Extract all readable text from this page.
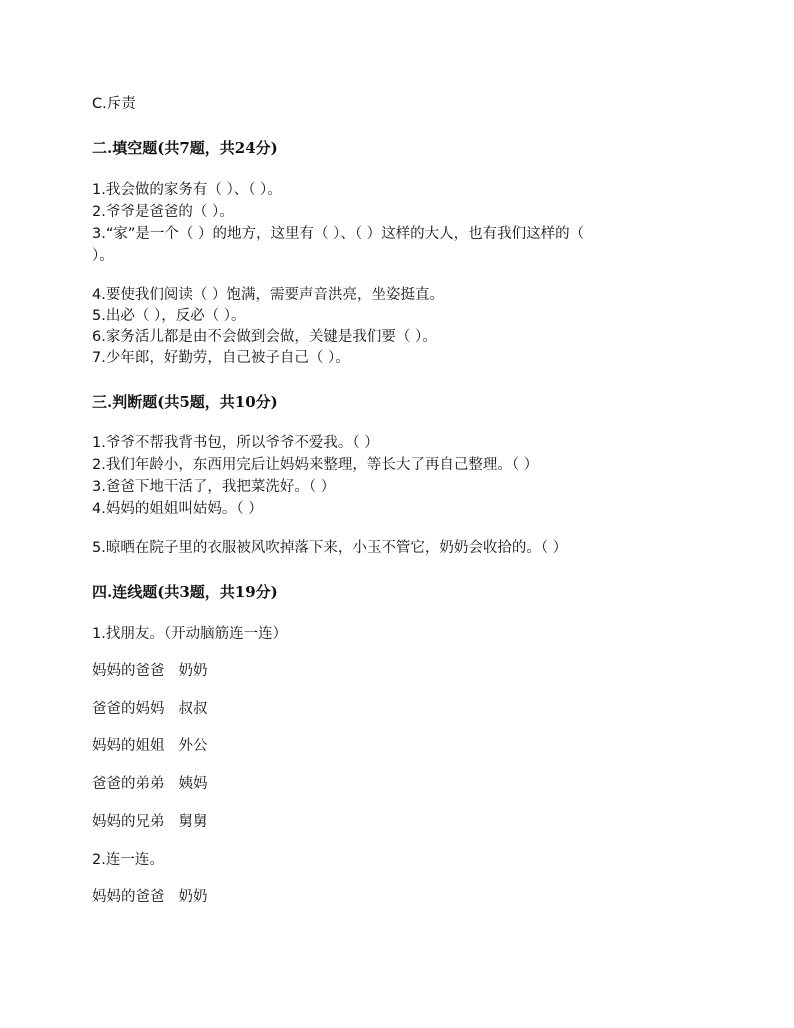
C.斥责
二.填空题(共7题，共24分)
1.我会做的家务有（ ）、（ ）。
2.爷爷是爸爸的（ ）。
3.“家”是一个（ ）的地方，这里有（ ）、（ ）这样的大人，也有我们这样的（
）。
4.要使我们阅读（ ）饱满，需要声音洪亮，坐姿挺直。
5.出必（ ），反必（ ）。
6.家务活儿都是由不会做到会做，关键是我们要（ ）。
7.少年郎，好勤劳，自己被子自己（ ）。
三.判断题(共5题，共10分)
1.爷爷不帮我背书包，所以爷爷不爱我。（ ）
2.我们年龄小，东西用完后让妈妈来整理，等长大了再自己整理。（ ）
3.爸爸下地干活了，我把菜洗好。（ ）
4.妈妈的姐姐叫姑妈。（ ）
5.晾晒在院子里的衣服被风吹掉落下来，小玉不管它，奶奶会收拾的。（ ）
四.连线题(共3题，共19分)
1.找朋友。（开动脑筋连一连）
妈妈的爸爸 奶奶
爸爸的妈妈 叔叔
妈妈的姐姐 外公
爸爸的弟弟 姨妈
妈妈的兄弟 舅舅
2.连一连。
妈妈的爸爸 奶奶
